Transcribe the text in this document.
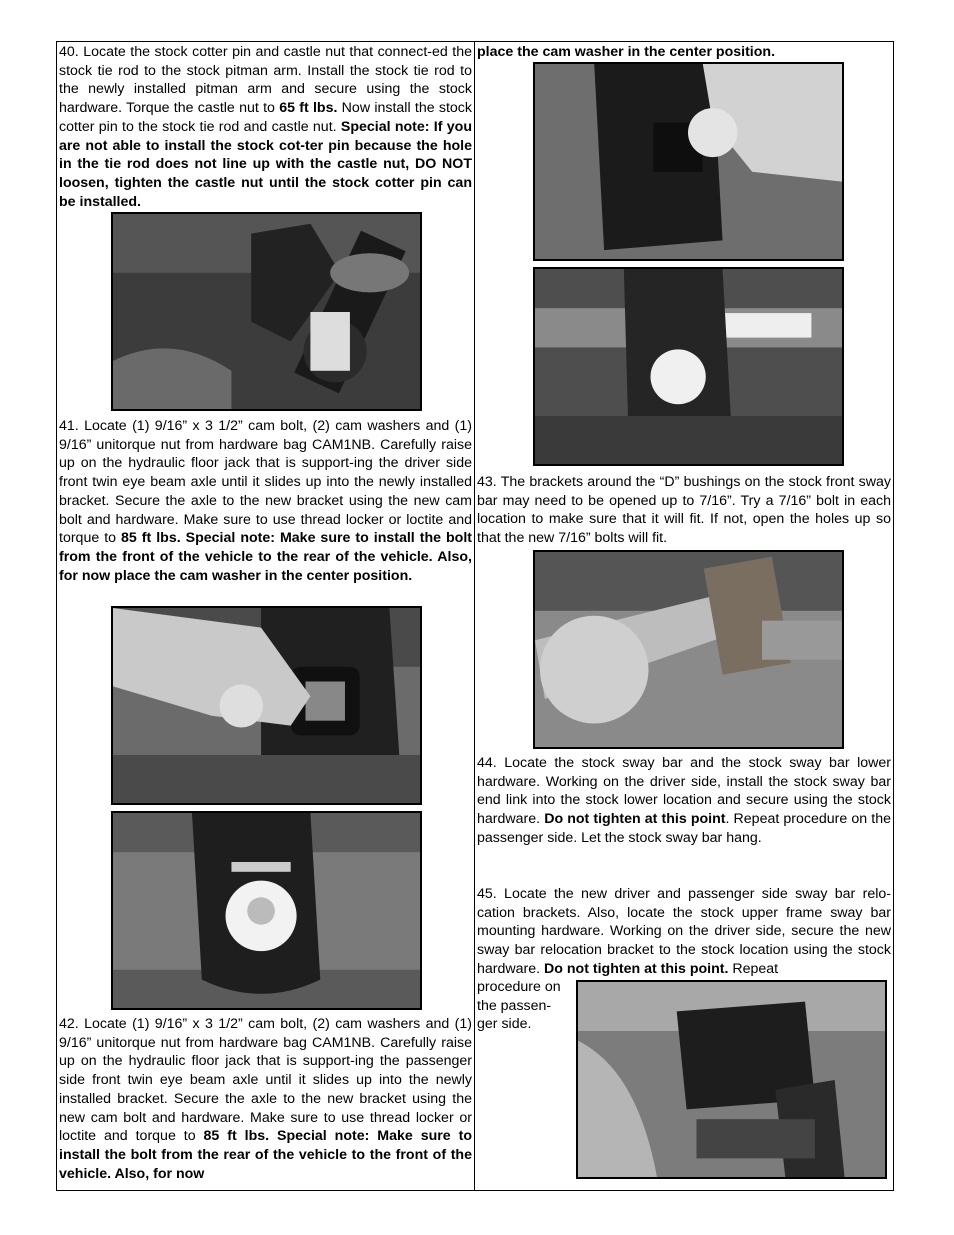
40. Locate the stock cotter pin and castle nut that connect-ed the stock tie rod to the stock pitman arm. Install the stock tie rod to the newly installed pitman arm and secure using the stock hardware. Torque the castle nut to 65 ft lbs. Now install the stock cotter pin to the stock tie rod and castle nut. Special note: If you are not able to install the stock cot-ter pin because the hole in the tie rod does not line up with the castle nut, DO NOT loosen, tighten the castle nut until the stock cotter pin can be installed.
41. Locate (1) 9/16” x 3 1/2” cam bolt, (2) cam washers and (1) 9/16” unitorque nut from hardware bag CAM1NB. Carefully raise up on the hydraulic floor jack that is support-ing the driver side front twin eye beam axle until it slides up into the newly installed bracket. Secure the axle to the new bracket using the new cam bolt and hardware. Make sure to use thread locker or loctite and torque to 85 ft lbs. Special note: Make sure to install the bolt from the front of the vehicle to the rear of the vehicle. Also, for now place the cam washer in the center position.
42. Locate (1) 9/16” x 3 1/2” cam bolt, (2) cam washers and (1) 9/16” unitorque nut from hardware bag CAM1NB. Carefully raise up on the hydraulic floor jack that is support-ing the passenger side front twin eye beam axle until it slides up into the newly installed bracket. Secure the axle to the new bracket using the new cam bolt and hardware. Make sure to use thread locker or loctite and torque to 85 ft lbs. Special note: Make sure to install the bolt from the rear of the vehicle to the front of the vehicle. Also, for now
place the cam washer in the center position.
43. The brackets around the “D” bushings on the stock front sway bar may need to be opened up to 7/16”. Try a 7/16” bolt in each location to make sure that it will fit. If not, open the holes up so that the new 7/16” bolts will fit.
44. Locate the stock sway bar and the stock sway bar lower hardware. Working on the driver side, install the stock sway bar end link into the stock lower location and secure using the stock hardware. Do not tighten at this point. Repeat procedure on the passenger side. Let the stock sway bar hang.
45. Locate the new driver and passenger side sway bar relo-cation brackets. Also, locate the stock upper frame sway bar mounting hardware. Working on the driver side, secure the new sway bar relocation bracket to the stock location using the stock hardware. Do not tighten at this point. Repeat
procedure on
the passen-
ger side.
